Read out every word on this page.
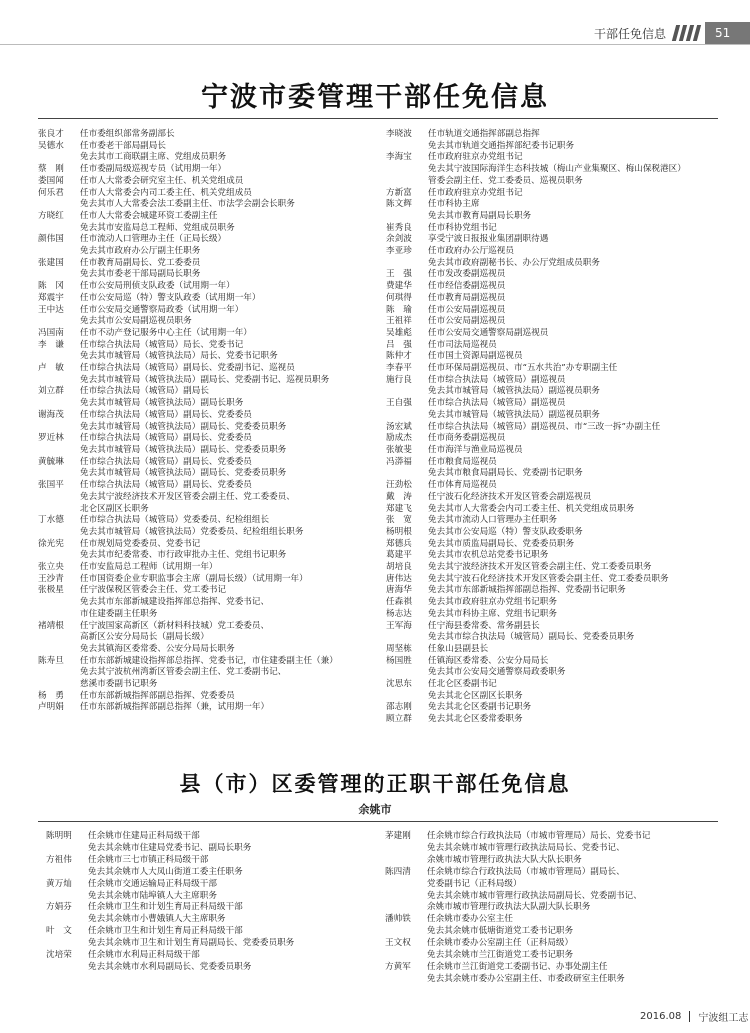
干部任免信息	51
宁波市委管理干部任免信息
张良才	任市委组织部常务副部长
吴德水	任市委老干部局副局长
免去其市工商联副主席、党组成员职务
蔡　刚	任市委副局级巡视专员（试用期一年）
娄国闻	任市人大常委会研究室主任、机关党组成员
何乐君	任市人大常委会内司工委主任、机关党组成员
免去其市人大常委会法工委副主任、市法学会副会长职务
方晓红	任市人大常委会城建环资工委副主任
免去其市安监局总工程师、党组成员职务
颜伟国	任市流动人口管理办主任（正局长级）
免去其市政府办公厅副主任职务
张建国	任市教育局副局长、党工委委员
免去其市委老干部局副局长职务
陈　冈	任市公安局刑侦支队政委（试用期一年）
郑震宇	任市公安局巡（特）警支队政委（试用期一年）
王中达	任市公安局交通警察局政委（试用期一年）
免去其市公安局副巡视员职务
冯国南	任市不动产登记服务中心主任（试用期一年）
李　谦	任市综合执法局（城管局）局长、党委书记
免去其市城管局（城管执法局）局长、党委书记职务
卢　敏	任市综合执法局（城管局）副局长、党委副书记、巡视员
免去其市城管局（城管执法局）副局长、党委副书记、巡视员职务
刘立群	任市综合执法局（城管局）副局长
免去其市城管局（城管执法局）副局长职务
谢海茂	任市综合执法局（城管局）副局长、党委委员
免去其市城管局（城管执法局）副局长、党委委员职务
罗近林	任市综合执法局（城管局）副局长、党委委员
免去其市城管局（城管执法局）副局长、党委委员职务
黄毓琳	任市综合执法局（城管局）副局长、党委委员
免去其市城管局（城管执法局）副局长、党委委员职务
张国平	任市综合执法局（城管局）副局长、党委委员
免去其宁波经济技术开发区管委会副主任、党工委委员、
北仑区副区长职务
丁水德	任市综合执法局（城管局）党委委员、纪检组组长
免去其市城管局（城管执法局）党委委员、纪检组组长职务
徐光宪	任市规划局党委委员、党委书记
免去其市纪委常委、市行政审批办主任、党组书记职务
张立央	任市安监局总工程师（试用期一年）
王沙青	任市国资委企业专职监事会主席（副局长级）（试用期一年）
张极星	任宁波保税区管委会主任、党工委书记
免去其市东部新城建设指挥部总指挥、党委书记、
市住建委副主任职务
褚靖根	任宁波国家高新区（新材料科技城）党工委委员、
高新区公安分局局长（副局长级）
免去其镇海区委常委、公安分局局长职务
陈寿旦	任市东部新城建设指挥部总指挥、党委书记，市住建委副主任（兼）
免去其宁波杭州湾新区管委会副主任、党工委副书记、
慈溪市委副书记职务
杨　勇	任市东部新城指挥部副总指挥、党委委员
卢明娟	任市东部新城指挥部副总指挥（兼，试用期一年）
李晓波	任市轨道交通指挥部副总指挥
免去其市轨道交通指挥部纪委书记职务
李海宝	任市政府驻京办党组书记
免去其宁波国际海洋生态科技城（梅山产业集聚区、梅山保税港区）
管委会副主任、党工委委员、巡视员职务
方新富	任市政府驻京办党组书记
陈文辉	任市科协主席
免去其市教育局副局长职务
崔秀良	任市科协党组书记
余剑波	享受宁波日报报业集团副职待遇
李亚珍	任市政府办公厅巡视员
免去其市政府副秘书长、办公厅党组成员职务
王　强	任市发改委副巡视员
费建华	任市经信委副巡视员
何琪得	任市教育局副巡视员
陈　瑜	任市公安局副巡视员
王祖祥	任市公安局副巡视员
吴雄彪	任市公安局交通警察局副巡视员
吕　强	任市司法局巡视员
陈仲才	任市国土资源局副巡视员
李春平	任市环保局副巡视员、市“五水共治”办专职副主任
施行良	任市综合执法局（城管局）副巡视员
免去其市城管局（城管执法局）副巡视员职务
王自强	任市综合执法局（城管局）副巡视员
免去其市城管局（城管执法局）副巡视员职务
汤宏斌	任市综合执法局（城管局）副巡视员、市“三改一拆”办副主任
励成杰	任市商务委副巡视员
张敏斐	任市海洋与渔业局巡视员
冯漭福	任市粮食局巡视员
免去其市粮食局副局长、党委副书记职务
汪劲松	任市体育局巡视员
戴　涛	任宁波石化经济技术开发区管委会副巡视员
郑建飞	免去其市人大常委会内司工委主任、机关党组成员职务
张　宽	免去其市流动人口管理办主任职务
杨明根	免去其市公安局巡（特）警支队政委职务
郑德兵	免去其市质监局副局长、党委委员职务
葛建平	免去其市农机总站党委书记职务
胡培良	免去其宁波经济技术开发区管委会副主任、党工委委员职务
唐伟达	免去其宁波石化经济技术开发区管委会副主任、党工委委员职务
唐海华	免去其市东部新城指挥部副总指挥、党委副书记职务
任森祺	免去其市政府驻京办党组书记职务
杨志达	免去其市科协主席、党组书记职务
王军海	任宁海县委常委、常务副县长
免去其市综合执法局（城管局）副局长、党委委员职务
周坚栋	任象山县副县长
杨国胜	任镇海区委常委、公安分局局长
免去其市公安局交通警察局政委职务
沈思东	任北仑区委副书记
免去其北仑区副区长职务
邵志刚	免去其北仑区委副书记职务
顾立群	免去其北仑区委常委职务
县（市）区委管理的正职干部任免信息
余姚市
陈明明	任余姚市住建局正科局级干部
免去其余姚市住建局党委书记、副局长职务
方祖伟	任余姚市三七市镇正科局级干部
免去其余姚市人大凤山街道工委主任职务
黄万灿	任余姚市交通运输局正科局级干部
免去其余姚市陆埠镇人大主席职务
方娟芬	任余姚市卫生和计划生育局正科局级干部
免去其余姚市小曹娥镇人大主席职务
叶　文	任余姚市卫生和计划生育局正科局级干部
免去其余姚市卫生和计划生育局副局长、党委委员职务
沈培荣	任余姚市水利局正科局级干部
免去其余姚市水利局副局长、党委委员职务
茅建刚	任余姚市综合行政执法局（市城市管理局）局长、党委书记
免去其余姚市城市管理行政执法局局长、党委书记、
余姚市城市管理行政执法大队大队长职务
陈四清	任余姚市综合行政执法局（市城市管理局）副局长、
党委副书记（正科局级）
免去其余姚市城市管理行政执法局副局长、党委副书记、
余姚市城市管理行政执法大队副大队长职务
潘帅铁	任余姚市委办公室主任
免去其余姚市低塘街道党工委书记职务
王文权	任余姚市委办公室副主任（正科局级）
免去其余姚市兰江街道党工委书记职务
方黄军	任余姚市兰江街道党工委副书记、办事处副主任
免去其余姚市委办公室副主任、市委政研室主任职务
2016.08 宁波组工志
